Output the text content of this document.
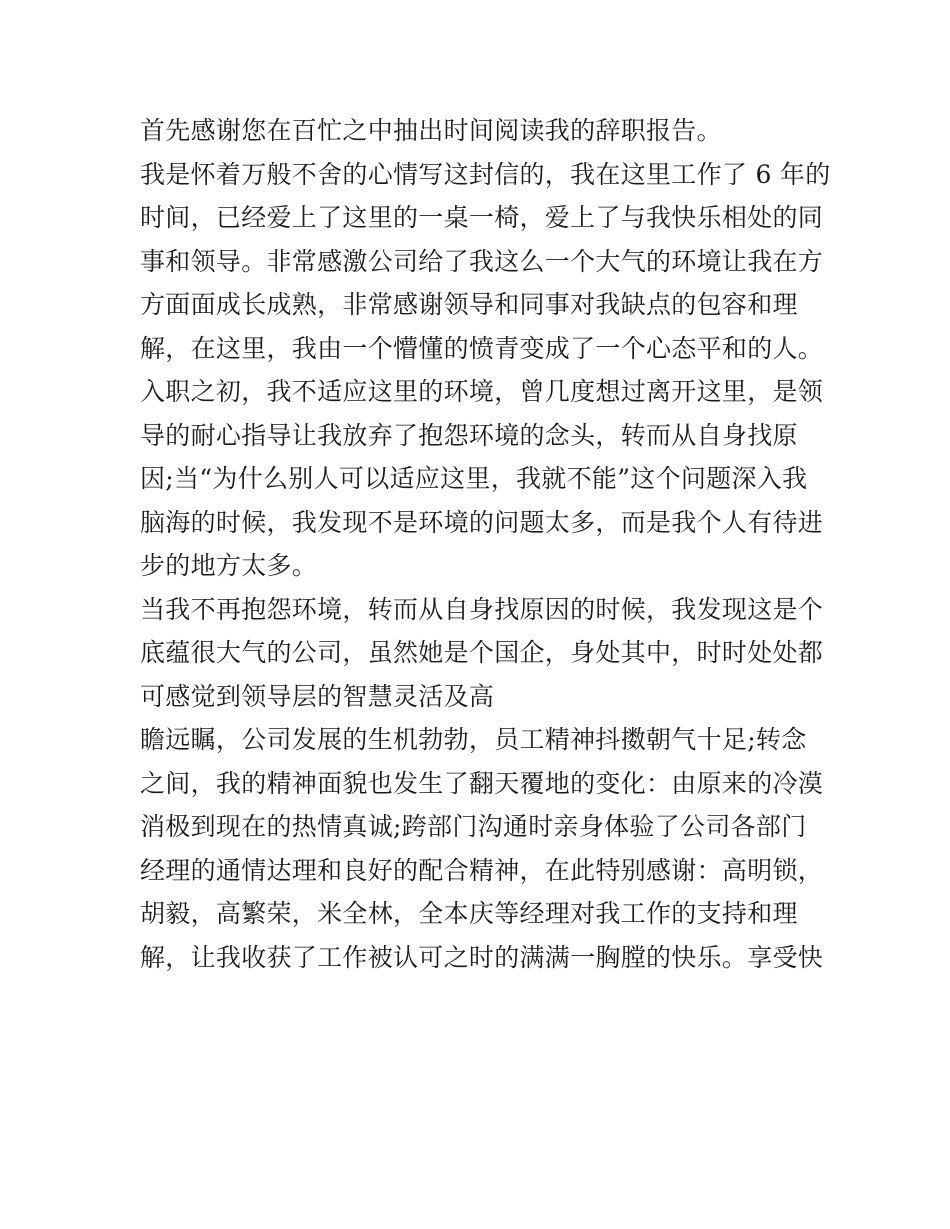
首先感谢您在百忙之中抽出时间阅读我的辞职报告。
我是怀着万般不舍的心情写这封信的，我在这里工作了 6 年的
时间，已经爱上了这里的一桌一椅，爱上了与我快乐相处的同
事和领导。非常感激公司给了我这么一个大气的环境让我在方
方面面成长成熟，非常感谢领导和同事对我缺点的包容和理
解，在这里，我由一个懵懂的愤青变成了一个心态平和的人。
入职之初，我不适应这里的环境，曾几度想过离开这里，是领
导的耐心指导让我放弃了抱怨环境的念头，转而从自身找原
因;当“为什么别人可以适应这里，我就不能”这个问题深入我
脑海的时候，我发现不是环境的问题太多，而是我个人有待进
步的地方太多。
当我不再抱怨环境，转而从自身找原因的时候，我发现这是个
底蕴很大气的公司，虽然她是个国企，身处其中，时时处处都
可感觉到领导层的智慧灵活及高
瞻远瞩，公司发展的生机勃勃，员工精神抖擞朝气十足;转念
之间，我的精神面貌也发生了翻天覆地的变化：由原来的冷漠
消极到现在的热情真诚;跨部门沟通时亲身体验了公司各部门
经理的通情达理和良好的配合精神，在此特别感谢：高明锁，
胡毅，高繁荣，米全林，全本庆等经理对我工作的支持和理
解，让我收获了工作被认可之时的满满一胸膛的快乐。享受快
